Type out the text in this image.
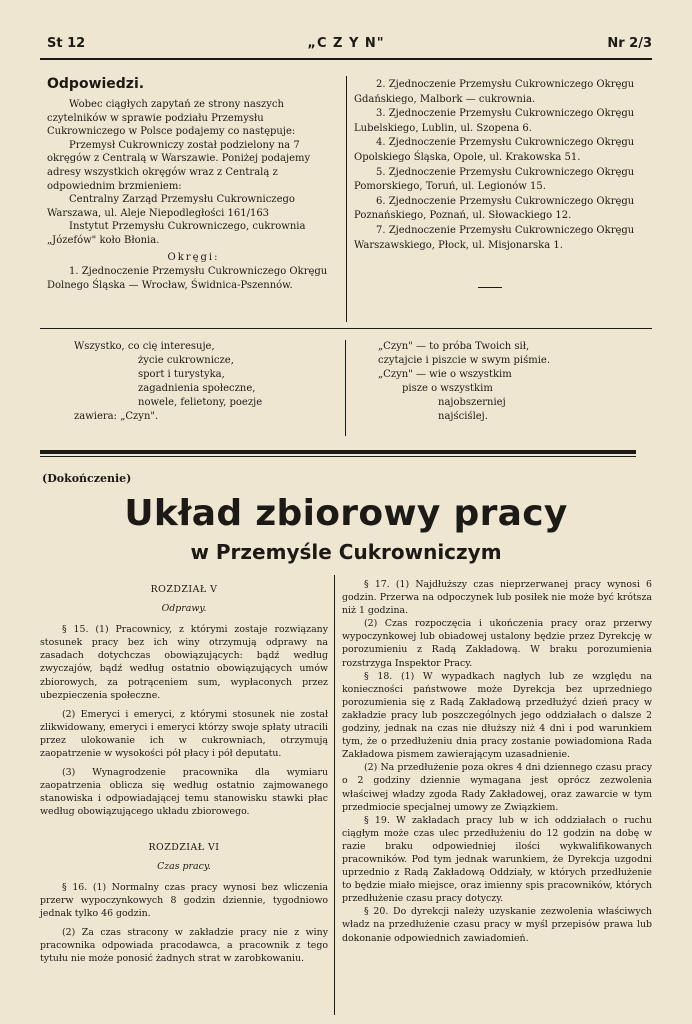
St 12	„C Z Y N"	Nr 2/3
Odpowiedzi.

Wobec ciągłych zapytań ze strony naszych czytelników w sprawie podziału Przemysłu Cukrowniczego w Polsce podajemy co następuje:

Przemysł Cukrowniczy został podzielony na 7 okręgów z Centralą w Warszawie. Poniżej podajemy adresy wszystkich okręgów wraz z Centralą z odpowiednim brzmieniem:

Centralny Zarząd Przemysłu Cukrowniczego Warszawa, ul. Aleje Niepodległości 161/163

Instytut Przemysłu Cukrowniczego, cukrownia „Józefów" koło Błonia.

Okręgi:

1. Zjednoczenie Przemysłu Cukrowniczego Okręgu Dolnego Śląska — Wrocław, Świdnica-Pszennów.

2. Zjednoczenie Przemysłu Cukrowniczego Okręgu Gdańskiego, Malbork — cukrownia.

3. Zjednoczenie Przemysłu Cukrowniczego Okręgu Lubelskiego, Lublin, ul. Szopena 6.

4. Zjednoczenie Przemysłu Cukrowniczego Okręgu Opolskiego Śląska, Opole, ul. Krakowska 51.

5. Zjednoczenie Przemysłu Cukrowniczego Okręgu Pomorskiego, Toruń, ul. Legionów 15.

6. Zjednoczenie Przemysłu Cukrowniczego Okręgu Poznańskiego, Poznań, ul. Słowackiego 12.

7. Zjednoczenie Przemysłu Cukrowniczego Okręgu Warszawskiego, Płock, ul. Misjonarska 1.

Wszystko, co cię interesuje,
życie cukrownicze,
sport i turystyka,
zagadnienia społeczne,
nowele, felietony, poezje
zawiera: „Czyn".
„Czyn" — to próba Twoich sił,
czytajcie i piszcie w swym piśmie.
„Czyn" — wie o wszystkim
pisze o wszystkim
najobszerniej
najściślej.
(Dokończenie)
Układ zbiorowy pracy
w Przemyśle Cukrowniczym

ROZDZIAŁ V

Odprawy.

§ 15. (1) Pracownicy, z którymi zostaje rozwiązany stosunek pracy bez ich winy otrzymują odprawy na zasadach dotychczas obowiązujących: bądź według zwyczajów, bądź według ostatnio obowiązujących umów zbiorowych, za potrąceniem sum, wypłaconych przez ubezpieczenia społeczne.

(2) Emeryci i emeryci, z którymi stosunek nie został zlikwidowany, emeryci i emeryci którzy swoje spłaty utracili przez ulokowanie ich w cukrowniach, otrzymują zaopatrzenie w wysokości pół płacy i pół deputatu.

(3) Wynagrodzenie pracownika dla wymiaru zaopatrzenia oblicza się według ostatnio zajmowanego stanowiska i odpowiadającej temu stanowisku stawki płac według obowiązującego układu zbiorowego.

ROZDZIAŁ VI

Czas pracy.

§ 16. (1) Normalny czas pracy wynosi bez wliczenia przerw wypoczynkowych 8 godzin dziennie, tygodniowo jednak tylko 46 godzin.

(2) Za czas stracony w zakładzie pracy nie z winy pracownika odpowiada pracodawca, a pracownik z tego tytułu nie może ponosić żadnych strat w zarobkowaniu.

§ 17. (1) Najdłuższy czas nieprzerwanej pracy wynosi 6 godzin. Przerwa na odpoczynek lub posiłek nie może być krótsza niż 1 godzina.

(2) Czas rozpoczęcia i ukończenia pracy oraz przerwy wypoczynkowej lub obiadowej ustalony będzie przez Dyrekcję w porozumieniu z Radą Zakładową. W braku porozumienia rozstrzyga Inspektor Pracy.

§ 18. (1) W wypadkach nagłych lub ze względu na konieczności państwowe może Dyrekcja bez uprzedniego porozumienia się z Radą Zakładową przedłużyć dzień pracy w zakładzie pracy lub poszczególnych jego oddziałach o dalsze 2 godziny, jednak na czas nie dłuższy niż 4 dni i pod warunkiem tym, że o przedłużeniu dnia pracy zostanie powiadomiona Rada Zakładowa pismem zawierającym uzasadnienie.

(2) Na przedłużenie poza okres 4 dni dziennego czasu pracy o 2 godziny dziennie wymagana jest oprócz zezwolenia właściwej władzy zgoda Rady Zakładowej, oraz zawarcie w tym przedmiocie specjalnej umowy ze Związkiem.

§ 19. W zakładach pracy lub w ich oddziałach o ruchu ciągłym może czas ulec przedłużeniu do 12 godzin na dobę w razie braku odpowiedniej ilości wykwalifikowanych pracowników. Pod tym jednak warunkiem, że Dyrekcja uzgodni uprzednio z Radą Zakładową Oddziały, w których przedłużenie to będzie miało miejsce, oraz imienny spis pracowników, których przedłużenie czasu pracy dotyczy.

§ 20. Do dyrekcji należy uzyskanie zezwolenia właściwych władz na przedłużenie czasu pracy w myśl przepisów prawa lub dokonanie odpowiednich zawiadomień.
